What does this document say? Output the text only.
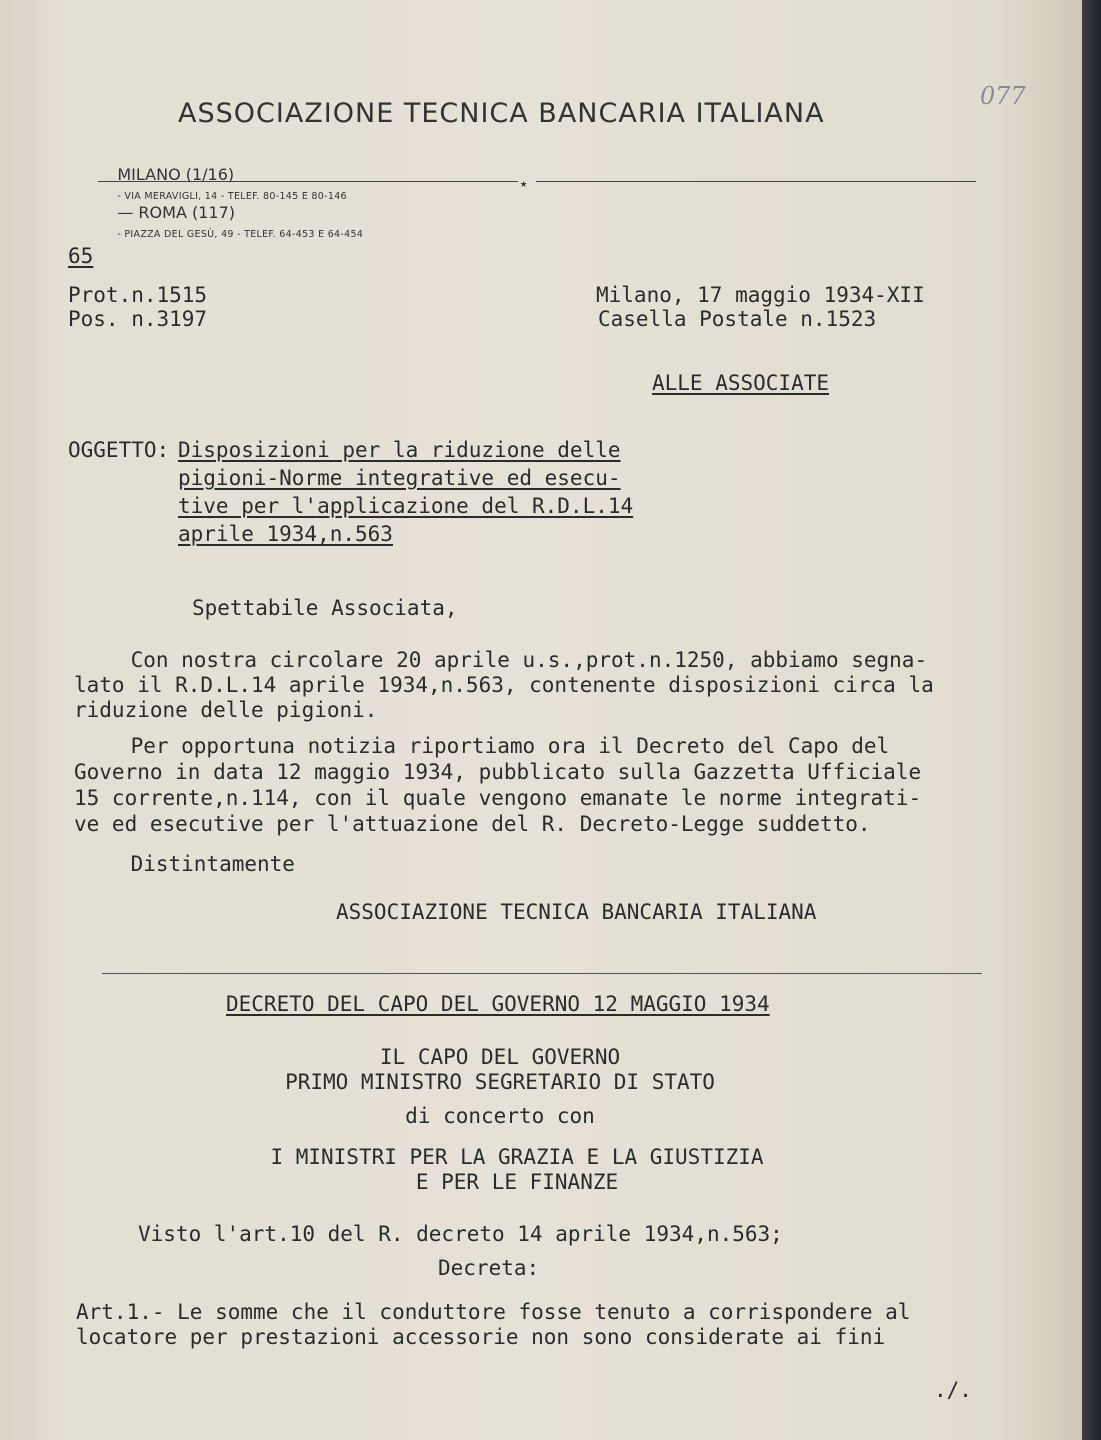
077
ASSOCIAZIONE TECNICA BANCARIA ITALIANA

MILANO (1/16)
- VIA MERAVIGLI, 14 - TELEF. 80-145 E 80-146
— ROMA (117)
- PIAZZA DEL GESÙ, 49 - TELEF. 64-453 E 64-454

★
65
Prot.n.1515
Pos. n.3197
Milano, 17 maggio 1934-XII
Casella Postale n.1523
ALLE ASSOCIATE
OGGETTO: Disposizioni per la riduzione delle
pigioni-Norme integrative ed esecu-
tive per l'applicazione del R.D.L.14
aprile 1934,n.563
Spettabile Associata,
Con nostra circolare 20 aprile u.s.,prot.n.1250, abbiamo segna-
lato il R.D.L.14 aprile 1934,n.563, contenente disposizioni circa la
riduzione delle pigioni.
Per opportuna notizia riportiamo ora il Decreto del Capo del
Governo in data 12 maggio 1934, pubblicato sulla Gazzetta Ufficiale
15 corrente,n.114, con il quale vengono emanate le norme integrati-
ve ed esecutive per l'attuazione del R. Decreto-Legge suddetto.
Distintamente
ASSOCIAZIONE TECNICA BANCARIA ITALIANA
DECRETO DEL CAPO DEL GOVERNO 12 MAGGIO 1934
IL CAPO DEL GOVERNO
PRIMO MINISTRO SEGRETARIO DI STATO
di concerto con
I MINISTRI PER LA GRAZIA E LA GIUSTIZIA
E PER LE FINANZE
Visto l'art.10 del R. decreto 14 aprile 1934,n.563;
Decreta:
Art.1.- Le somme che il conduttore fosse tenuto a corrispondere al
locatore per prestazioni accessorie non sono considerate ai fini
./.
